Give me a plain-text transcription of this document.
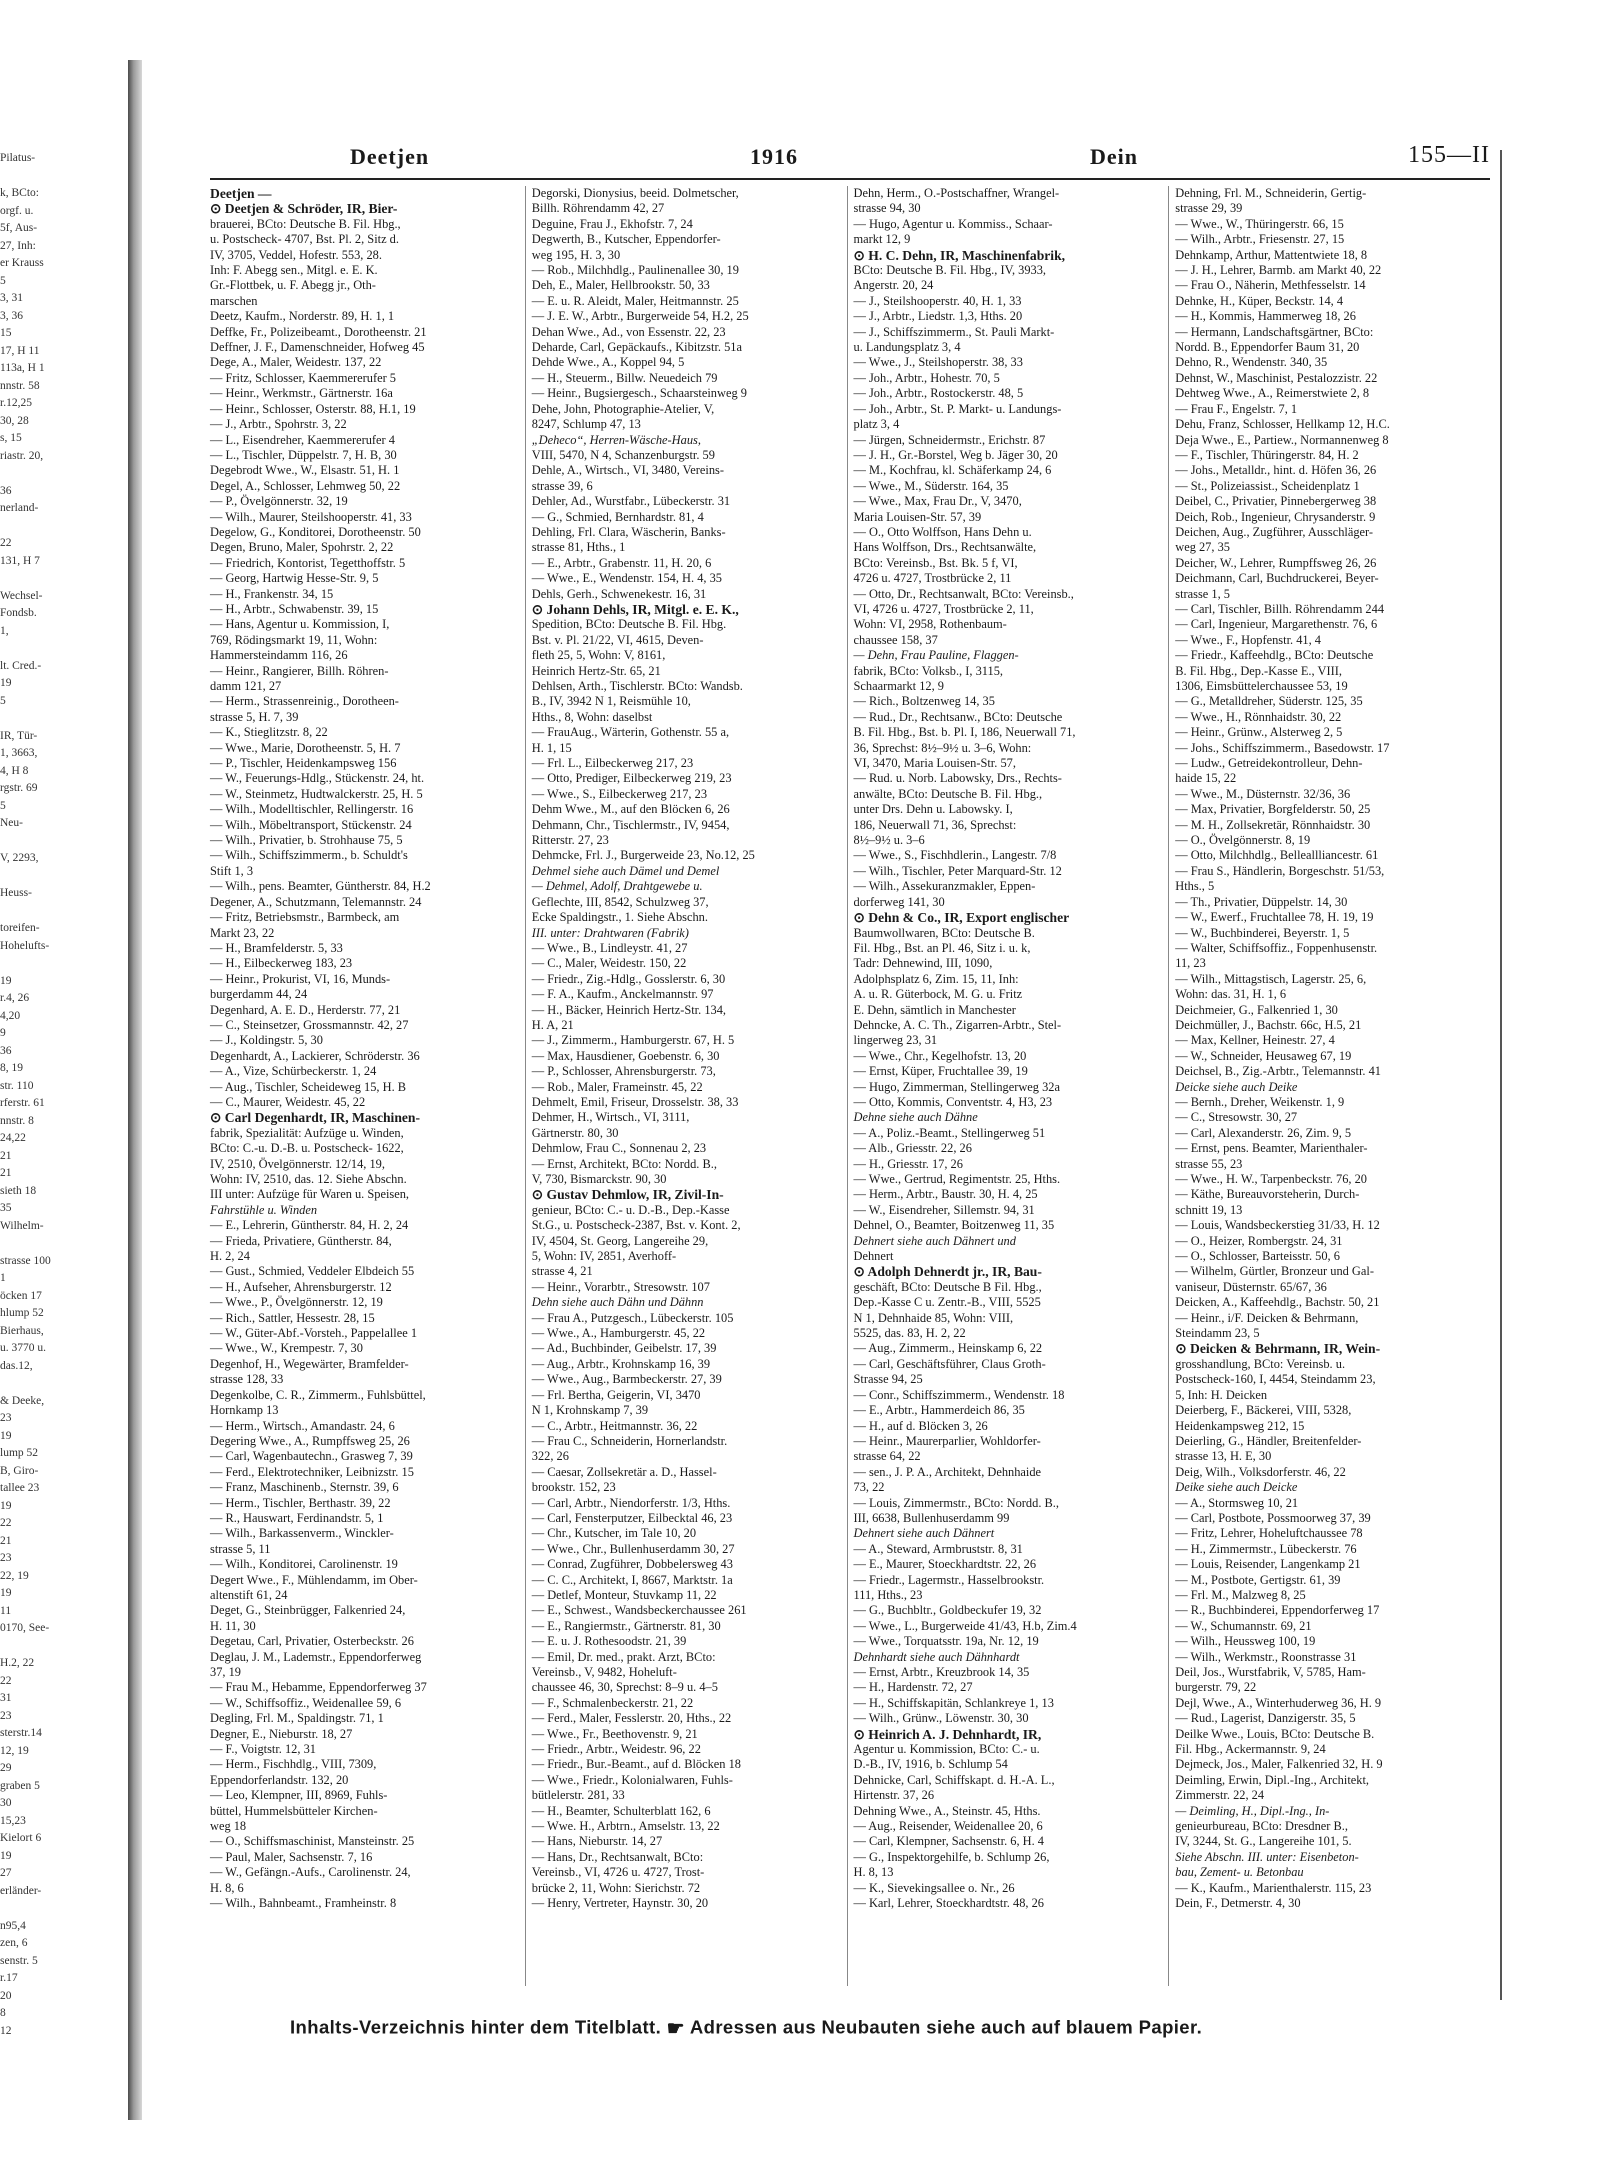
Pilatus-

k, BCto:
orgf. u.
5f, Aus-
27, Inh:
er Krauss
5
3, 31
3, 36
15
17, H 11
113a, H 1
nnstr. 58
r.12,25
30, 28
s, 15
riastr. 20,

36
nerland-

22
131, H 7

Wechsel-
Fondsb.
1,

lt. Cred.-
19
5

IR, Tür-
1, 3663,
4, H 8
rgstr. 69
5
Neu-

V, 2293,

Heuss-

toreifen-
Hohelufts-

19
r.4, 26
4,20
9
36
8, 19
str. 110
rferstr. 61
nnstr. 8
24,22
21
21
sieth 18
35
Wilhelm-

strasse 100
1
öcken 17
hlump 52
Bierhaus,
u. 3770 u.
das.12,

& Deeke,
23
19
lump 52
B, Giro-
tallee 23
19
22
21
23
22, 19
19
11
0170, See-

H.2, 22
22
31
23
sterstr.14
12, 19
29
graben 5
30
15,23
Kielort 6
19
27
erländer-

n95,4
zen, 6
senstr. 5
r.17
20
8
12
Deetjen	1916	Dein	155—II
Deetjen —
⊙ Deetjen & Schröder, IR, Bier-
brauerei, BCto: Deutsche B. Fil. Hbg.,
u. Postscheck- 4707, Bst. Pl. 2, Sitz d.
IV, 3705, Veddel, Hofestr. 553, 28.
Inh: F. Abegg sen., Mitgl. e. E. K.
Gr.-Flottbek, u. F. Abegg jr., Oth-
marschen
Deetz, Kaufm., Norderstr. 89, H. 1, 1
Deffke, Fr., Polizeibeamt., Dorotheenstr. 21
Deffner, J. F., Damenschneider, Hofweg 45
Dege, A., Maler, Weidestr. 137, 22
— Fritz, Schlosser, Kaemmererufer 5
— Heinr., Werkmstr., Gärtnerstr. 16a
— Heinr., Schlosser, Osterstr. 88, H.1, 19
— J., Arbtr., Spohrstr. 3, 22
— L., Eisendreher, Kaemmererufer 4
— L., Tischler, Düppelstr. 7, H. B, 30
Degebrodt Wwe., W., Elsastr. 51, H. 1
Degel, A., Schlosser, Lehmweg 50, 22
— P., Övelgönnerstr. 32, 19
— Wilh., Maurer, Steilshooperstr. 41, 33
Degelow, G., Konditorei, Dorotheenstr. 50
Degen, Bruno, Maler, Spohrstr. 2, 22
— Friedrich, Kontorist, Tegetthoffstr. 5
— Georg, Hartwig Hesse-Str. 9, 5
— H., Frankenstr. 34, 15
— H., Arbtr., Schwabenstr. 39, 15
— Hans, Agentur u. Kommission, I,
769, Rödingsmarkt 19, 11, Wohn:
Hammersteindamm 116, 26
— Heinr., Rangierer, Billh. Röhren-
damm 121, 27
— Herm., Strassenreinig., Dorotheen-
strasse 5, H. 7, 39
— K., Stieglitzstr. 8, 22
— Wwe., Marie, Dorotheenstr. 5, H. 7
— P., Tischler, Heidenkampsweg 156
— W., Feuerungs-Hdlg., Stückenstr. 24, ht.
— W., Steinmetz, Hudtwalckerstr. 25, H. 5
— Wilh., Modelltischler, Rellingerstr. 16
— Wilh., Möbeltransport, Stückenstr. 24
— Wilh., Privatier, b. Strohhause 75, 5
— Wilh., Schiffszimmerm., b. Schuldt's
Stift 1, 3
— Wilh., pens. Beamter, Güntherstr. 84, H.2
Degener, A., Schutzmann, Telemannstr. 24
— Fritz, Betriebsmstr., Barmbeck, am
Markt 23, 22
— H., Bramfelderstr. 5, 33
— H., Eilbeckerweg 183, 23
— Heinr., Prokurist, VI, 16, Munds-
burgerdamm 44, 24
Degenhard, A. E. D., Herderstr. 77, 21
— C., Steinsetzer, Grossmannstr. 42, 27
— J., Koldingstr. 5, 30
Degenhardt, A., Lackierer, Schröderstr. 36
— A., Vize, Schürbeckerstr. 1, 24
— Aug., Tischler, Scheideweg 15, H. B
— C., Maurer, Weidestr. 45, 22
⊙ Carl Degenhardt, IR, Maschinen-
fabrik, Spezialität: Aufzüge u. Winden,
BCto: C.-u. D.-B. u. Postscheck- 1622,
IV, 2510, Övelgönnerstr. 12/14, 19,
Wohn: IV, 2510, das. 12. Siehe Abschn.
III unter: Aufzüge für Waren u. Speisen,
Fahrstühle u. Winden
— E., Lehrerin, Güntherstr. 84, H. 2, 24
— Frieda, Privatiere, Güntherstr. 84,
H. 2, 24
— Gust., Schmied, Veddeler Elbdeich 55
— H., Aufseher, Ahrensburgerstr. 12
— Wwe., P., Övelgönnerstr. 12, 19
— Rich., Sattler, Hessestr. 28, 15
— W., Güter-Abf.-Vorsteh., Pappelallee 1
— Wwe., W., Krempestr. 7, 30
Degenhof, H., Wegewärter, Bramfelder-
strasse 128, 33
Degenkolbe, C. R., Zimmerm., Fuhlsbüttel,
Hornkamp 13
— Herm., Wirtsch., Amandastr. 24, 6
Degering Wwe., A., Rumpffsweg 25, 26
— Carl, Wagenbautechn., Grasweg 7, 39
— Ferd., Elektrotechniker, Leibnizstr. 15
— Franz, Maschinenb., Sternstr. 39, 6
— Herm., Tischler, Berthastr. 39, 22
— R., Hauswart, Ferdinandstr. 5, 1
— Wilh., Barkassenverm., Winckler-
strasse 5, 11
— Wilh., Konditorei, Carolinenstr. 19
Degert Wwe., F., Mühlendamm, im Ober-
altenstift 61, 24
Deget, G., Steinbrügger, Falkenried 24,
H. 11, 30
Degetau, Carl, Privatier, Osterbeckstr. 26
Deglau, J. M., Lademstr., Eppendorferweg
37, 19
— Frau M., Hebamme, Eppendorferweg 37
— W., Schiffsoffiz., Weidenallee 59, 6
Degling, Frl. M., Spaldingstr. 71, 1
Degner, E., Nieburstr. 18, 27
— F., Voigtstr. 12, 31
— Herm., Fischhdlg., VIII, 7309,
Eppendorferlandstr. 132, 20
— Leo, Klempner, III, 8969, Fuhls-
büttel, Hummelsbütteler Kirchen-
weg 18
— O., Schiffsmaschinist, Mansteinstr. 25
— Paul, Maler, Sachsenstr. 7, 16
— W., Gefängn.-Aufs., Carolinenstr. 24,
H. 8, 6
— Wilh., Bahnbeamt., Framheinstr. 8
Degorski, Dionysius, beeid. Dolmetscher,
Billh. Röhrendamm 42, 27
Deguine, Frau J., Ekhofstr. 7, 24
Degwerth, B., Kutscher, Eppendorfer-
weg 195, H. 3, 30
— Rob., Milchhdlg., Paulinenallee 30, 19
Deh, E., Maler, Hellbrookstr. 50, 33
— E. u. R. Aleidt, Maler, Heitmannstr. 25
— J. E. W., Arbtr., Burgerweide 54, H.2, 25
Dehan Wwe., Ad., von Essenstr. 22, 23
Deharde, Carl, Gepäckaufs., Kibitzstr. 51a
Dehde Wwe., A., Koppel 94, 5
— H., Steuerm., Billw. Neuedeich 79
— Heinr., Bugsiergesch., Schaarsteinweg 9
Dehe, John, Photographie-Atelier, V,
8247, Schlump 47, 13
„Deheco“, Herren-Wäsche-Haus,
VIII, 5470, N 4, Schanzenburgstr. 59
Dehle, A., Wirtsch., VI, 3480, Vereins-
strasse 39, 6
Dehler, Ad., Wurstfabr., Lübeckerstr. 31
— G., Schmied, Bernhardstr. 81, 4
Dehling, Frl. Clara, Wäscherin, Banks-
strasse 81, Hths., 1
— E., Arbtr., Grabenstr. 11, H. 20, 6
— Wwe., E., Wendenstr. 154, H. 4, 35
Dehls, Gerh., Schwenekestr. 16, 31
⊙ Johann Dehls, IR, Mitgl. e. E. K.,
Spedition, BCto: Deutsche B. Fil. Hbg.
Bst. v. Pl. 21/22, VI, 4615, Deven-
fleth 25, 5, Wohn: V, 8161,
Heinrich Hertz-Str. 65, 21
Dehlsen, Arth., Tischlerstr. BCto: Wandsb.
B., IV, 3942 N 1, Reismühle 10,
Hths., 8, Wohn: daselbst
— FrauAug., Wärterin, Gothenstr. 55 a,
H. 1, 15
— Frl. L., Eilbeckerweg 217, 23
— Otto, Prediger, Eilbeckerweg 219, 23
— Wwe., S., Eilbeckerweg 217, 23
Dehm Wwe., M., auf den Blöcken 6, 26
Dehmann, Chr., Tischlermstr., IV, 9454,
Ritterstr. 27, 23
Dehmcke, Frl. J., Burgerweide 23, No.12, 25
Dehmel siehe auch Dämel und Demel
— Dehmel, Adolf, Drahtgewebe u.
Geflechte, III, 8542, Schulzweg 37,
Ecke Spaldingstr., 1. Siehe Abschn.
III. unter: Drahtwaren (Fabrik)
— Wwe., B., Lindleystr. 41, 27
— C., Maler, Weidestr. 150, 22
— Friedr., Zig.-Hdlg., Gosslerstr. 6, 30
— F. A., Kaufm., Anckelmannstr. 97
— H., Bäcker, Heinrich Hertz-Str. 134,
H. A, 21
— J., Zimmerm., Hamburgerstr. 67, H. 5
— Max, Hausdiener, Goebenstr. 6, 30
— P., Schlosser, Ahrensburgerstr. 73,
— Rob., Maler, Frameinstr. 45, 22
Dehmelt, Emil, Friseur, Drosselstr. 38, 33
Dehmer, H., Wirtsch., VI, 3111,
Gärtnerstr. 80, 30
Dehmlow, Frau C., Sonnenau 2, 23
— Ernst, Architekt, BCto: Nordd. B.,
V, 730, Bismarckstr. 90, 30
⊙ Gustav Dehmlow, IR, Zivil-In-
genieur, BCto: C.- u. D.-B., Dep.-Kasse
St.G., u. Postscheck-2387, Bst. v. Kont. 2,
IV, 4504, St. Georg, Langereihe 29,
5, Wohn: IV, 2851, Averhoff-
strasse 4, 21
— Heinr., Vorarbtr., Stresowstr. 107
Dehn siehe auch Dähn und Dähnn
— Frau A., Putzgesch., Lübeckerstr. 105
— Wwe., A., Hamburgerstr. 45, 22
— Ad., Buchbinder, Geibelstr. 17, 39
— Aug., Arbtr., Krohnskamp 16, 39
— Wwe., Aug., Barmbeckerstr. 27, 39
— Frl. Bertha, Geigerin, VI, 3470
N 1, Krohnskamp 7, 39
— C., Arbtr., Heitmannstr. 36, 22
— Frau C., Schneiderin, Hornerlandstr.
322, 26
— Caesar, Zollsekretär a. D., Hassel-
brookstr. 152, 23
— Carl, Arbtr., Niendorferstr. 1/3, Hths.
— Carl, Fensterputzer, Eilbecktal 46, 23
— Chr., Kutscher, im Tale 10, 20
— Wwe., Chr., Bullenhuserdamm 30, 27
— Conrad, Zugführer, Dobbelersweg 43
— C. C., Architekt, I, 8667, Marktstr. 1a
— Detlef, Monteur, Stuvkamp 11, 22
— E., Schwest., Wandsbeckerchaussee 261
— E., Rangiermstr., Gärtnerstr. 81, 30
— E. u. J. Rothesoodstr. 21, 39
— Emil, Dr. med., prakt. Arzt, BCto:
Vereinsb., V, 9482, Hoheluft-
chaussee 46, 30, Sprechst: 8–9 u. 4–5
— F., Schmalenbeckerstr. 21, 22
— Ferd., Maler, Fesslerstr. 20, Hths., 22
— Wwe., Fr., Beethovenstr. 9, 21
— Friedr., Arbtr., Weidestr. 96, 22
— Friedr., Bur.-Beamt., auf d. Blöcken 18
— Wwe., Friedr., Kolonialwaren, Fuhls-
bütlelerstr. 281, 33
— H., Beamter, Schulterblatt 162, 6
— Wwe. H., Arbtrn., Amselstr. 13, 22
— Hans, Nieburstr. 14, 27
— Hans, Dr., Rechtsanwalt, BCto:
Vereinsb., VI, 4726 u. 4727, Trost-
brücke 2, 11, Wohn: Sierichstr. 72
— Henry, Vertreter, Haynstr. 30, 20
Dehn, Herm., O.-Postschaffner, Wrangel-
strasse 94, 30
— Hugo, Agentur u. Kommiss., Schaar-
markt 12, 9
⊙ H. C. Dehn, IR, Maschinenfabrik,
BCto: Deutsche B. Fil. Hbg., IV, 3933,
Angerstr. 20, 24
— J., Steilshooperstr. 40, H. 1, 33
— J., Arbtr., Liedstr. 1,3, Hths. 20
— J., Schiffszimmerm., St. Pauli Markt-
u. Landungsplatz 3, 4
— Wwe., J., Steilshoperstr. 38, 33
— Joh., Arbtr., Hohestr. 70, 5
— Joh., Arbtr., Rostockerstr. 48, 5
— Joh., Arbtr., St. P. Markt- u. Landungs-
platz 3, 4
— Jürgen, Schneidermstr., Erichstr. 87
— J. H., Gr.-Borstel, Weg b. Jäger 30, 20
— M., Kochfrau, kl. Schäferkamp 24, 6
— Wwe., M., Süderstr. 164, 35
— Wwe., Max, Frau Dr., V, 3470,
Maria Louisen-Str. 57, 39
— O., Otto Wolffson, Hans Dehn u.
Hans Wolffson, Drs., Rechtsanwälte,
BCto: Vereinsb., Bst. Bk. 5 f, VI,
4726 u. 4727, Trostbrücke 2, 11
— Otto, Dr., Rechtsanwalt, BCto: Vereinsb.,
VI, 4726 u. 4727, Trostbrücke 2, 11,
Wohn: VI, 2958, Rothenbaum-
chaussee 158, 37
— Dehn, Frau Pauline, Flaggen-
fabrik, BCto: Volksb., I, 3115,
Schaarmarkt 12, 9
— Rich., Boltzenweg 14, 35
— Rud., Dr., Rechtsanw., BCto: Deutsche
B. Fil. Hbg., Bst. b. Pl. I, 186, Neuerwall 71,
36, Sprechst: 8½–9½ u. 3–6, Wohn:
VI, 3470, Maria Louisen-Str. 57,
— Rud. u. Norb. Labowsky, Drs., Rechts-
anwälte, BCto: Deutsche B. Fil. Hbg.,
unter Drs. Dehn u. Labowsky. I,
186, Neuerwall 71, 36, Sprechst:
8½–9½ u. 3–6
— Wwe., S., Fischhdlerin., Langestr. 7/8
— Wilh., Tischler, Peter Marquard-Str. 12
— Wilh., Assekuranzmakler, Eppen-
dorferweg 141, 30
⊙ Dehn & Co., IR, Export englischer
Baumwollwaren, BCto: Deutsche B.
Fil. Hbg., Bst. an Pl. 46, Sitz i. u. k,
Tadr: Dehnewind, III, 1090,
Adolphsplatz 6, Zim. 15, 11, Inh:
A. u. R. Güterbock, M. G. u. Fritz
E. Dehn, sämtlich in Manchester
Dehncke, A. C. Th., Zigarren-Arbtr., Stel-
lingerweg 23, 31
— Wwe., Chr., Kegelhofstr. 13, 20
— Ernst, Küper, Fruchtallee 39, 19
— Hugo, Zimmerman, Stellingerweg 32a
— Otto, Kommis, Conventstr. 4, H3, 23
Dehne siehe auch Dähne
— A., Poliz.-Beamt., Stellingerweg 51
— Alb., Griesstr. 22, 26
— H., Griesstr. 17, 26
— Wwe., Gertrud, Regimentstr. 25, Hths.
— Herm., Arbtr., Baustr. 30, H. 4, 25
— W., Eisendreher, Sillemstr. 94, 31
Dehnel, O., Beamter, Boitzenweg 11, 35
Dehnert siehe auch Dähnert und
Dehnert
⊙ Adolph Dehnerdt jr., IR, Bau-
geschäft, BCto: Deutsche B Fil. Hbg.,
Dep.-Kasse C u. Zentr.-B., VIII, 5525
N 1, Dehnhaide 85, Wohn: VIII,
5525, das. 83, H. 2, 22
— Aug., Zimmerm., Heinskamp 6, 22
— Carl, Geschäftsführer, Claus Groth-
Strasse 94, 25
— Conr., Schiffszimmerm., Wendenstr. 18
— E., Arbtr., Hammerdeich 86, 35
— H., auf d. Blöcken 3, 26
— Heinr., Maurerparlier, Wohldorfer-
strasse 64, 22
— sen., J. P. A., Architekt, Dehnhaide
73, 22
— Louis, Zimmermstr., BCto: Nordd. B.,
III, 6638, Bullenhuserdamm 99
Dehnert siehe auch Dähnert
— A., Steward, Armbruststr. 8, 31
— E., Maurer, Stoeckhardtstr. 22, 26
— Friedr., Lagermstr., Hasselbrookstr.
111, Hths., 23
— G., Buchbltr., Goldbeckufer 19, 32
— Wwe., L., Burgerweide 41/43, H.b, Zim.4
— Wwe., Torquatsstr. 19a, Nr. 12, 19
Dehnhardt siehe auch Dähnhardt
— Ernst, Arbtr., Kreuzbrook 14, 35
— H., Hardenstr. 72, 27
— H., Schiffskapitän, Schlankreye 1, 13
— Wilh., Grünw., Löwenstr. 30, 30
⊙ Heinrich A. J. Dehnhardt, IR,
Agentur u. Kommission, BCto: C.- u.
D.-B., IV, 1916, b. Schlump 54
Dehnicke, Carl, Schiffskapt. d. H.-A. L.,
Hirtenstr. 37, 26
Dehning Wwe., A., Steinstr. 45, Hths.
— Aug., Reisender, Weidenallee 20, 6
— Carl, Klempner, Sachsenstr. 6, H. 4
— G., Inspektorgehilfe, b. Schlump 26,
H. 8, 13
— K., Sievekingsallee o. Nr., 26
— Karl, Lehrer, Stoeckhardtstr. 48, 26
Dehning, Frl. M., Schneiderin, Gertig-
strasse 29, 39
— Wwe., W., Thüringerstr. 66, 15
— Wilh., Arbtr., Friesenstr. 27, 15
Dehnkamp, Arthur, Mattentwiete 18, 8
— J. H., Lehrer, Barmb. am Markt 40, 22
— Frau O., Näherin, Methfesselstr. 14
Dehnke, H., Küper, Beckstr. 14, 4
— H., Kommis, Hammerweg 18, 26
— Hermann, Landschaftsgärtner, BCto:
Nordd. B., Eppendorfer Baum 31, 20
Dehno, R., Wendenstr. 340, 35
Dehnst, W., Maschinist, Pestalozzistr. 22
Dehtweg Wwe., A., Reimerstwiete 2, 8
— Frau F., Engelstr. 7, 1
Dehu, Franz, Schlosser, Hellkamp 12, H.C.
Deja Wwe., E., Partiew., Normannenweg 8
— F., Tischler, Thüringerstr. 84, H. 2
— Johs., Metalldr., hint. d. Höfen 36, 26
— St., Polizeiassist., Scheidenplatz 1
Deibel, C., Privatier, Pinnebergerweg 38
Deich, Rob., Ingenieur, Chrysanderstr. 9
Deichen, Aug., Zugführer, Ausschläger-
weg 27, 35
Deicher, W., Lehrer, Rumpffsweg 26, 26
Deichmann, Carl, Buchdruckerei, Beyer-
strasse 1, 5
— Carl, Tischler, Billh. Röhrendamm 244
— Carl, Ingenieur, Margarethenstr. 76, 6
— Wwe., F., Hopfenstr. 41, 4
— Friedr., Kaffeehdlg., BCto: Deutsche
B. Fil. Hbg., Dep.-Kasse E., VIII,
1306, Eimsbüttelerchaussee 53, 19
— G., Metalldreher, Süderstr. 125, 35
— Wwe., H., Rönnhaidstr. 30, 22
— Heinr., Grünw., Alsterweg 2, 5
— Johs., Schiffszimmerm., Basedowstr. 17
— Ludw., Getreidekontrolleur, Dehn-
haide 15, 22
— Wwe., M., Düsternstr. 32/36, 36
— Max, Privatier, Borgfelderstr. 50, 25
— M. H., Zollsekretär, Rönnhaidstr. 30
— O., Övelgönnerstr. 8, 19
— Otto, Milchhdlg., Belleallliancestr. 61
— Frau S., Händlerin, Borgeschstr. 51/53,
Hths., 5
— Th., Privatier, Düppelstr. 14, 30
— W., Ewerf., Fruchtallee 78, H. 19, 19
— W., Buchbinderei, Beyerstr. 1, 5
— Walter, Schiffsoffiz., Foppenhusenstr.
11, 23
— Wilh., Mittagstisch, Lagerstr. 25, 6,
Wohn: das. 31, H. 1, 6
Deichmeier, G., Falkenried 1, 30
Deichmüller, J., Bachstr. 66c, H.5, 21
— Max, Kellner, Heinestr. 27, 4
— W., Schneider, Heusaweg 67, 19
Deichsel, B., Zig.-Arbtr., Telemannstr. 41
Deicke siehe auch Deike
— Bernh., Dreher, Weikenstr. 1, 9
— C., Stresowstr. 30, 27
— Carl, Alexanderstr. 26, Zim. 9, 5
— Ernst, pens. Beamter, Marienthaler-
strasse 55, 23
— Wwe., H. W., Tarpenbeckstr. 76, 20
— Käthe, Bureauvorsteherin, Durch-
schnitt 19, 13
— Louis, Wandsbeckerstieg 31/33, H. 12
— O., Heizer, Rombergstr. 24, 31
— O., Schlosser, Barteisstr. 50, 6
— Wilhelm, Gürtler, Bronzeur und Gal-
vaniseur, Düsternstr. 65/67, 36
Deicken, A., Kaffeehdlg., Bachstr. 50, 21
— Heinr., i/F. Deicken & Behrmann,
Steindamm 23, 5
⊙ Deicken & Behrmann, IR, Wein-
grosshandlung, BCto: Vereinsb. u.
Postscheck-160, I, 4454, Steindamm 23,
5, Inh: H. Deicken
Deierberg, F., Bäckerei, VIII, 5328,
Heidenkampsweg 212, 15
Deierling, G., Händler, Breitenfelder-
strasse 13, H. E, 30
Deig, Wilh., Volksdorferstr. 46, 22
Deike siehe auch Deicke
— A., Stormsweg 10, 21
— Carl, Postbote, Possmoorweg 37, 39
— Fritz, Lehrer, Hoheluftchaussee 78
— H., Zimmermstr., Lübeckerstr. 76
— Louis, Reisender, Langenkamp 21
— M., Postbote, Gertigstr. 61, 39
— Frl. M., Malzweg 8, 25
— R., Buchbinderei, Eppendorferweg 17
— W., Schumannstr. 69, 21
— Wilh., Heussweg 100, 19
— Wilh., Werkmstr., Roonstrasse 31
Deil, Jos., Wurstfabrik, V, 5785, Ham-
burgerstr. 79, 22
Dejl, Wwe., A., Winterhuderweg 36, H. 9
— Rud., Lagerist, Danzigerstr. 35, 5
Deilke Wwe., Louis, BCto: Deutsche B.
Fil. Hbg., Ackermannstr. 9, 24
Dejmeck, Jos., Maler, Falkenried 32, H. 9
Deimling, Erwin, Dipl.-Ing., Architekt,
Zimmerstr. 22, 24
— Deimling, H., Dipl.-Ing., In-
genieurbureau, BCto: Dresdner B.,
IV, 3244, St. G., Langereihe 101, 5.
Siehe Abschn. III. unter: Eisenbeton-
bau, Zement- u. Betonbau
— K., Kaufm., Marienthalerstr. 115, 23
Dein, F., Detmerstr. 4, 30
Inhalts-Verzeichnis hinter dem Titelblatt. ☛ Adressen aus Neubauten siehe auch auf blauem Papier.
